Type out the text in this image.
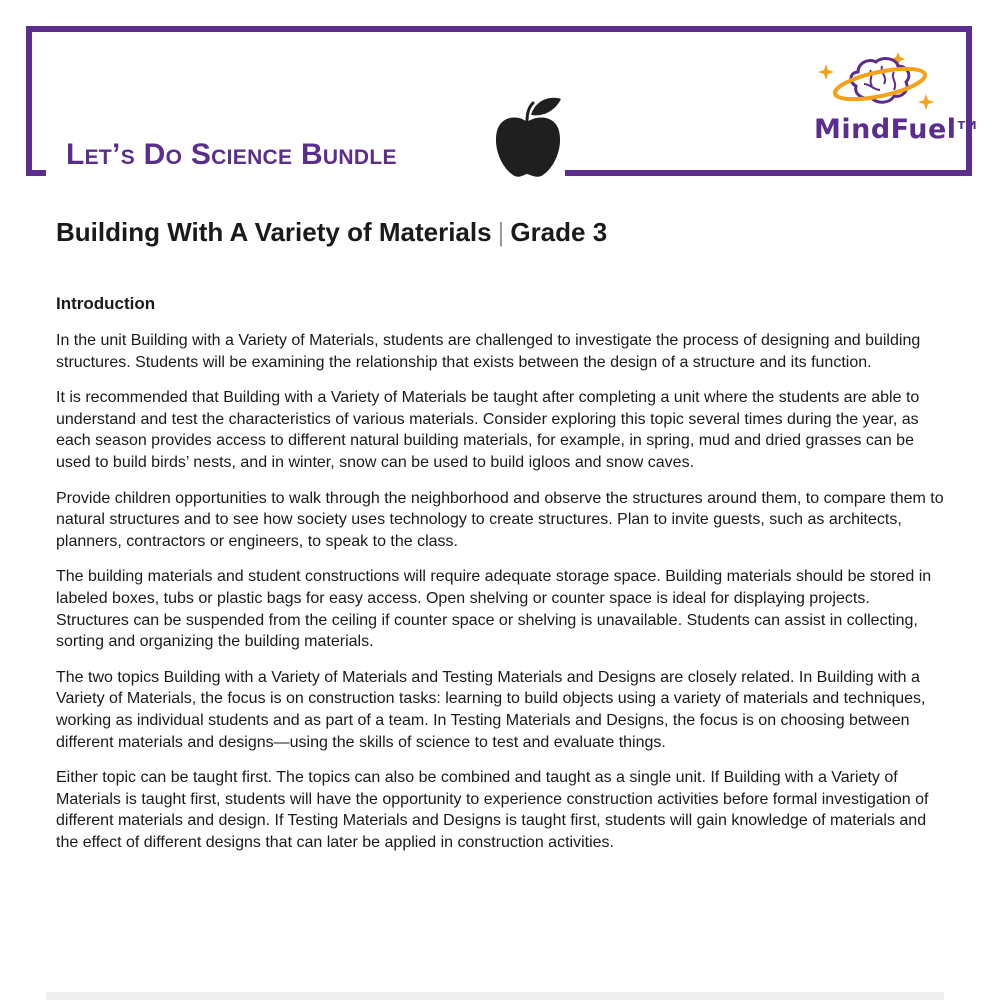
Let’s Do Science Bundle
MindFuel™
Building With A Variety of Materials | Grade 3
Introduction

In the unit Building with a Variety of Materials, students are challenged to investigate the process of designing and building structures. Students will be examining the relationship that exists between the design of a structure and its function.

It is recommended that Building with a Variety of Materials be taught after completing a unit where the students are able to understand and test the characteristics of various materials. Consider exploring this topic several times during the year, as each season provides access to different natural building materials, for example, in spring, mud and dried grasses can be used to build birds’ nests, and in winter, snow can be used to build igloos and snow caves.

Provide children opportunities to walk through the neighborhood and observe the structures around them, to compare them to natural structures and to see how society uses technology to create structures. Plan to invite guests, such as architects, planners, contractors or engineers, to speak to the class.

The building materials and student constructions will require adequate storage space. Building materials should be stored in labeled boxes, tubs or plastic bags for easy access. Open shelving or counter space is ideal for displaying projects. Structures can be suspended from the ceiling if counter space or shelving is unavailable. Students can assist in collecting, sorting and organizing the building materials.

The two topics Building with a Variety of Materials and Testing Materials and Designs are closely related. In Building with a Variety of Materials, the focus is on construction tasks: learning to build objects using a variety of materials and techniques, working as individual students and as part of a team. In Testing Materials and Designs, the focus is on choosing between different materials and designs—using the skills of science to test and evaluate things.

Either topic can be taught first. The topics can also be combined and taught as a single unit. If Building with a Variety of Materials is taught first, students will have the opportunity to experience construction activities before formal investigation of different materials and design. If Testing Materials and Designs is taught first, students will gain knowledge of materials and the effect of different designs that can later be applied in construction activities.
